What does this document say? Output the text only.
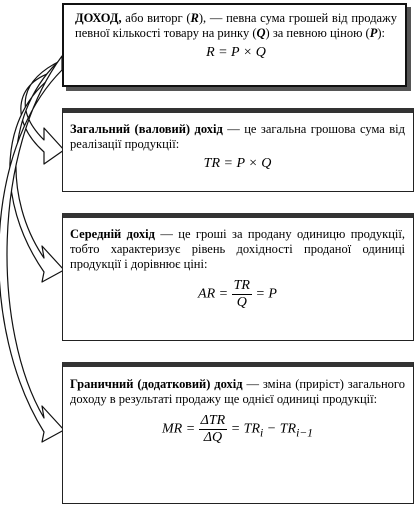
ДОХОД, або виторг (R), — певна сума грошей від продажу певної кількості товару на ринку (Q) за певною ціною (P):
R = P × Q
Загальний (валовий) дохід — це загальна грошова сума від реалізації продукції:
TR = P × Q
Середній дохід — це гроші за продану одиницю продукції, тобто характеризує рівень дохідності проданої одиниці продукції і дорівнює ціні:
AR = $\frac{TR}{Q} = P$
Граничний (додатковий) дохід — зміна (приріст) загального доходу в результаті продажу ще однієї одиниці продукції:
MR = $\frac{\text{ΔTR}}{\Delta Q} = TR_i - TR_{i-1}$
